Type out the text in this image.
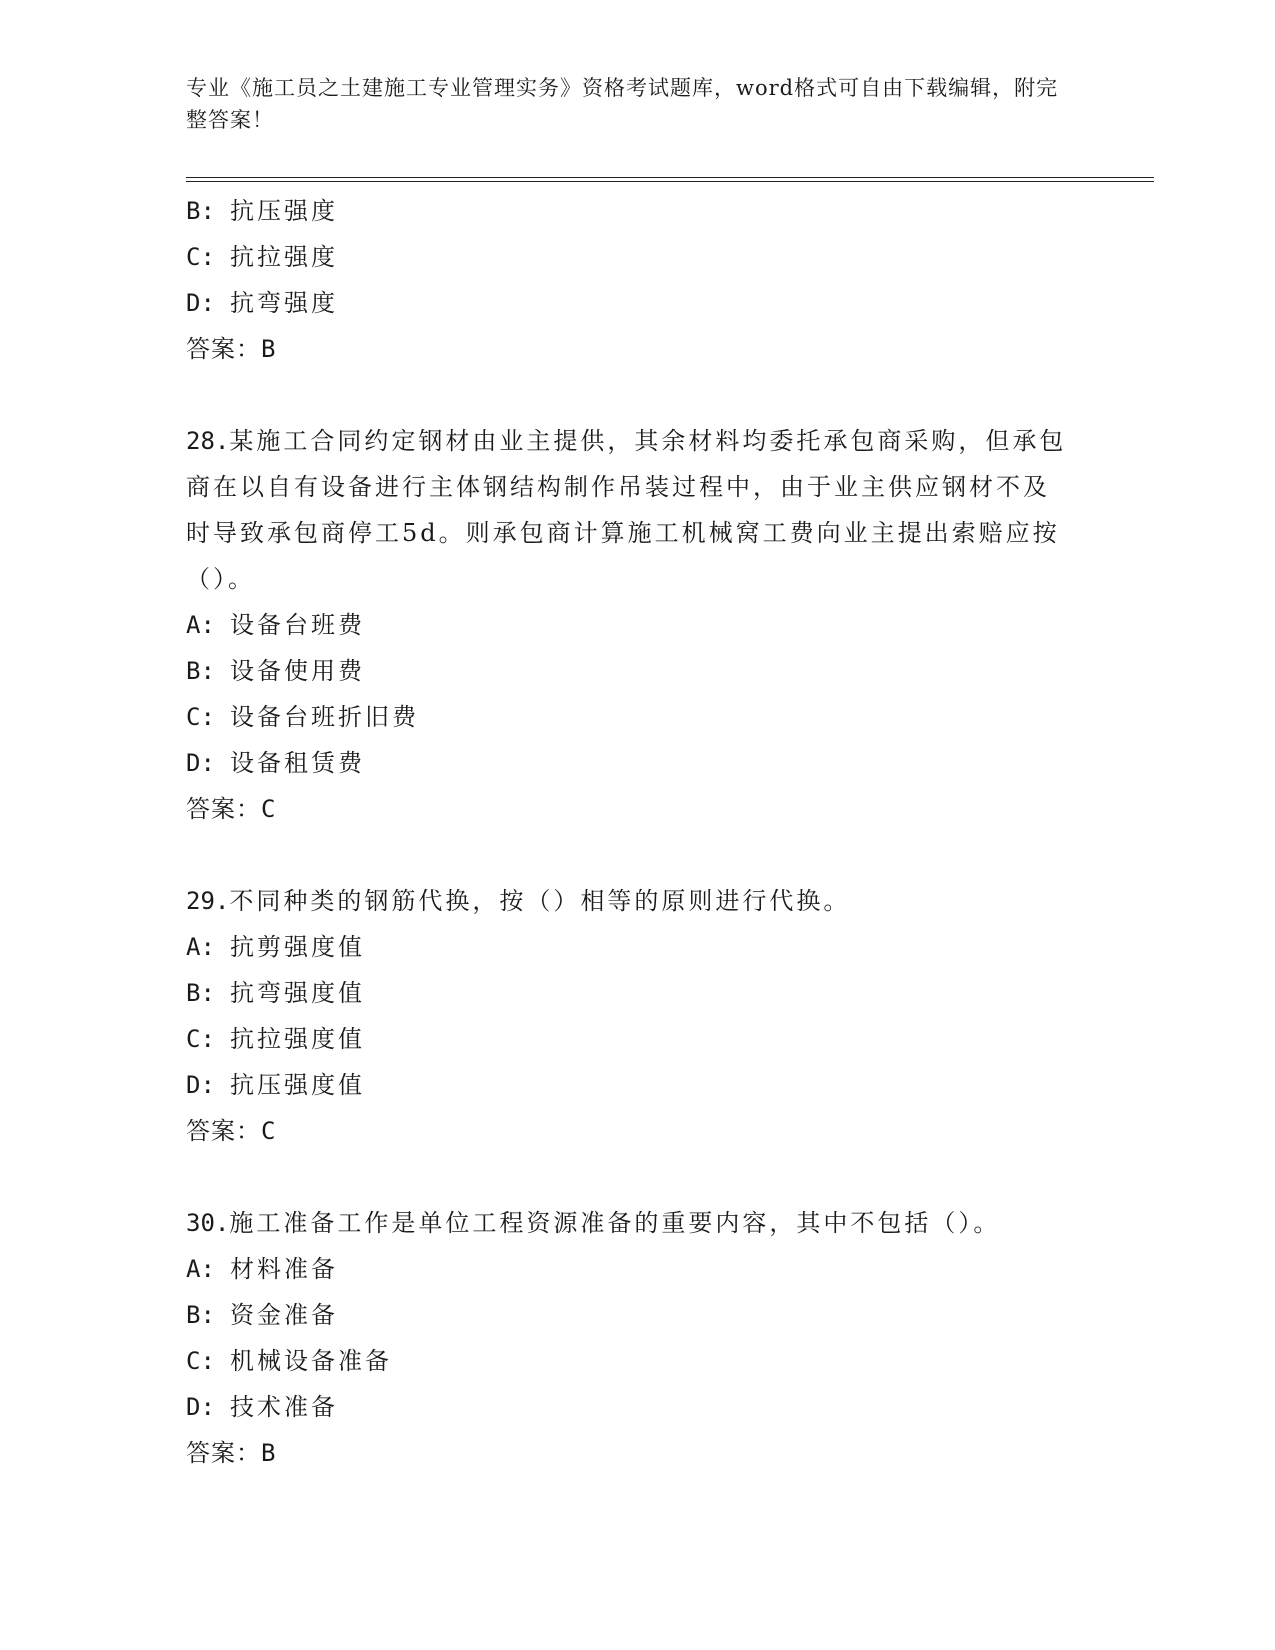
专业《施工员之土建施工专业管理实务》资格考试题库，word格式可自由下载编辑，附完整答案！
B: 抗压强度
C: 抗拉强度
D: 抗弯强度
答案：B
28.某施工合同约定钢材由业主提供，其余材料均委托承包商采购，但承包商在以自有设备进行主体钢结构制作吊装过程中，由于业主供应钢材不及时导致承包商停工5d。则承包商计算施工机械窝工费向业主提出索赔应按（）。
A: 设备台班费
B: 设备使用费
C: 设备台班折旧费
D: 设备租赁费
答案：C
29.不同种类的钢筋代换，按（）相等的原则进行代换。
A: 抗剪强度值
B: 抗弯强度值
C: 抗拉强度值
D: 抗压强度值
答案：C
30.施工准备工作是单位工程资源准备的重要内容，其中不包括（）。
A: 材料准备
B: 资金准备
C: 机械设备准备
D: 技术准备
答案：B
